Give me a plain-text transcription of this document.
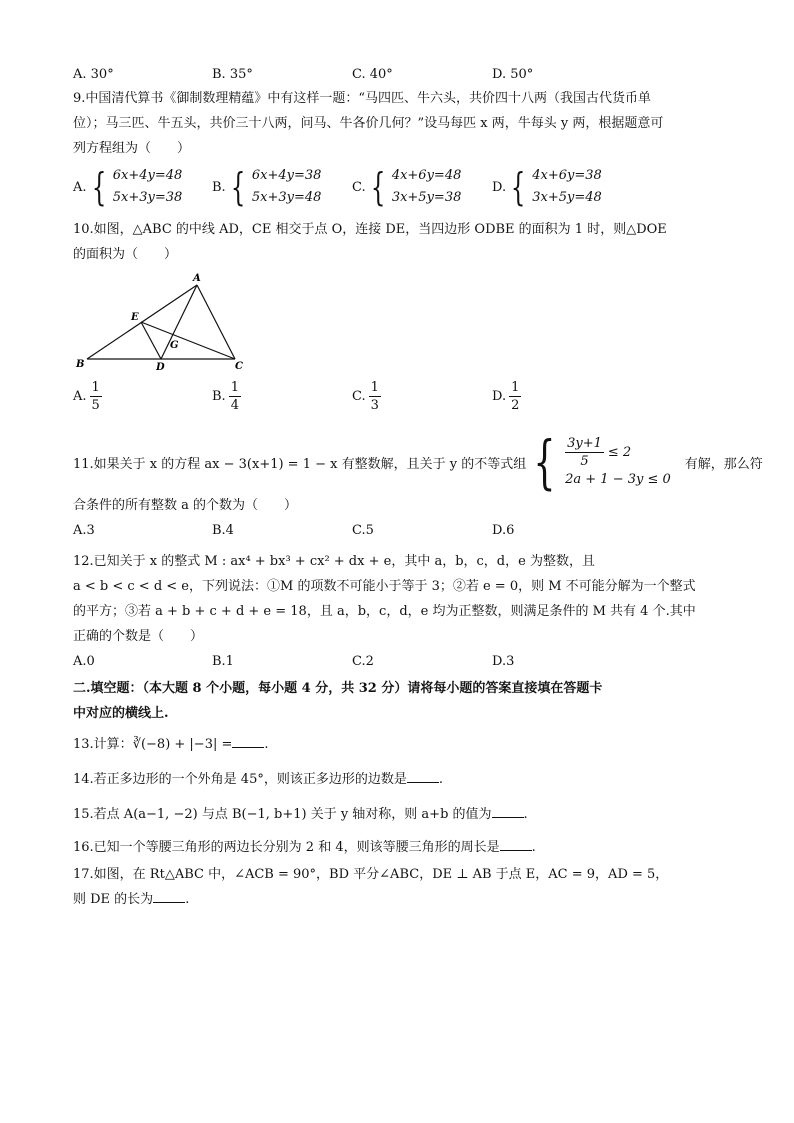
A. 30°	B. 35°	C. 40°	D. 50°
9.中国清代算书《御制数理精蕴》中有这样一题：“马四匹、牛六头，共价四十八两（我国古代货币单
位）；马三匹、牛五头，共价三十八两，问马、牛各价几何？”设马每匹 x 两，牛每头 y 两，根据题意可
列方程组为（　　）
A. { 6x+4y=48
5x+3y=38
B. { 6x+4y=38
5x+3y=48
C. { 4x+6y=48
3x+5y=38
D. { 4x+6y=38
3x+5y=48
10.如图，△ABC 的中线 AD，CE 相交于点 O，连接 DE，当四边形 ODBE 的面积为 1 时，则△DOE
的面积为（　　）
A
B	C
D
E
G
A. $\frac{1}{5}$	B. $\frac{1}{4}$	C. $\frac{1}{3}$	D. $\frac{1}{2}$
11.如果关于 x 的方程 ax − 3(x+1) = 1 − x 有整数解，且关于 y 的不等式组 { $\frac{3y+1}{5} \le 2$
2a + 1 − 3y ≤ 0
有解，那么符
合条件的所有整数 a 的个数为（　　）
A.3	B.4	C.5	D.6
12.已知关于 x 的整式 M : ax⁴ + bx³ + cx² + dx + e，其中 a，b，c，d，e 为整数，且
a < b < c < d < e，下列说法：①M 的项数不可能小于等于 3；②若 e = 0，则 M 不可能分解为一个整式
的平方；③若 a + b + c + d + e = 18，且 a，b，c，d，e 均为正整数，则满足条件的 M 共有 4 个.其中
正确的个数是（　　）
A.0	B.1	C.2	D.3
二.填空题：（本大题 8 个小题，每小题 4 分，共 32 分）请将每小题的答案直接填在答题卡
中对应的横线上.
13.计算：∛(−8) + |−3| = .
14.若正多边形的一个外角是 45°，则该正多边形的边数是 .
15.若点 A(a−1, −2) 与点 B(−1, b+1) 关于 y 轴对称，则 a+b 的值为 .
16.已知一个等腰三角形的两边长分别为 2 和 4，则该等腰三角形的周长是 .
17.如图，在 Rt△ABC 中，∠ACB = 90°，BD 平分∠ABC，DE ⊥ AB 于点 E，AC = 9，AD = 5，
则 DE 的长为 .
